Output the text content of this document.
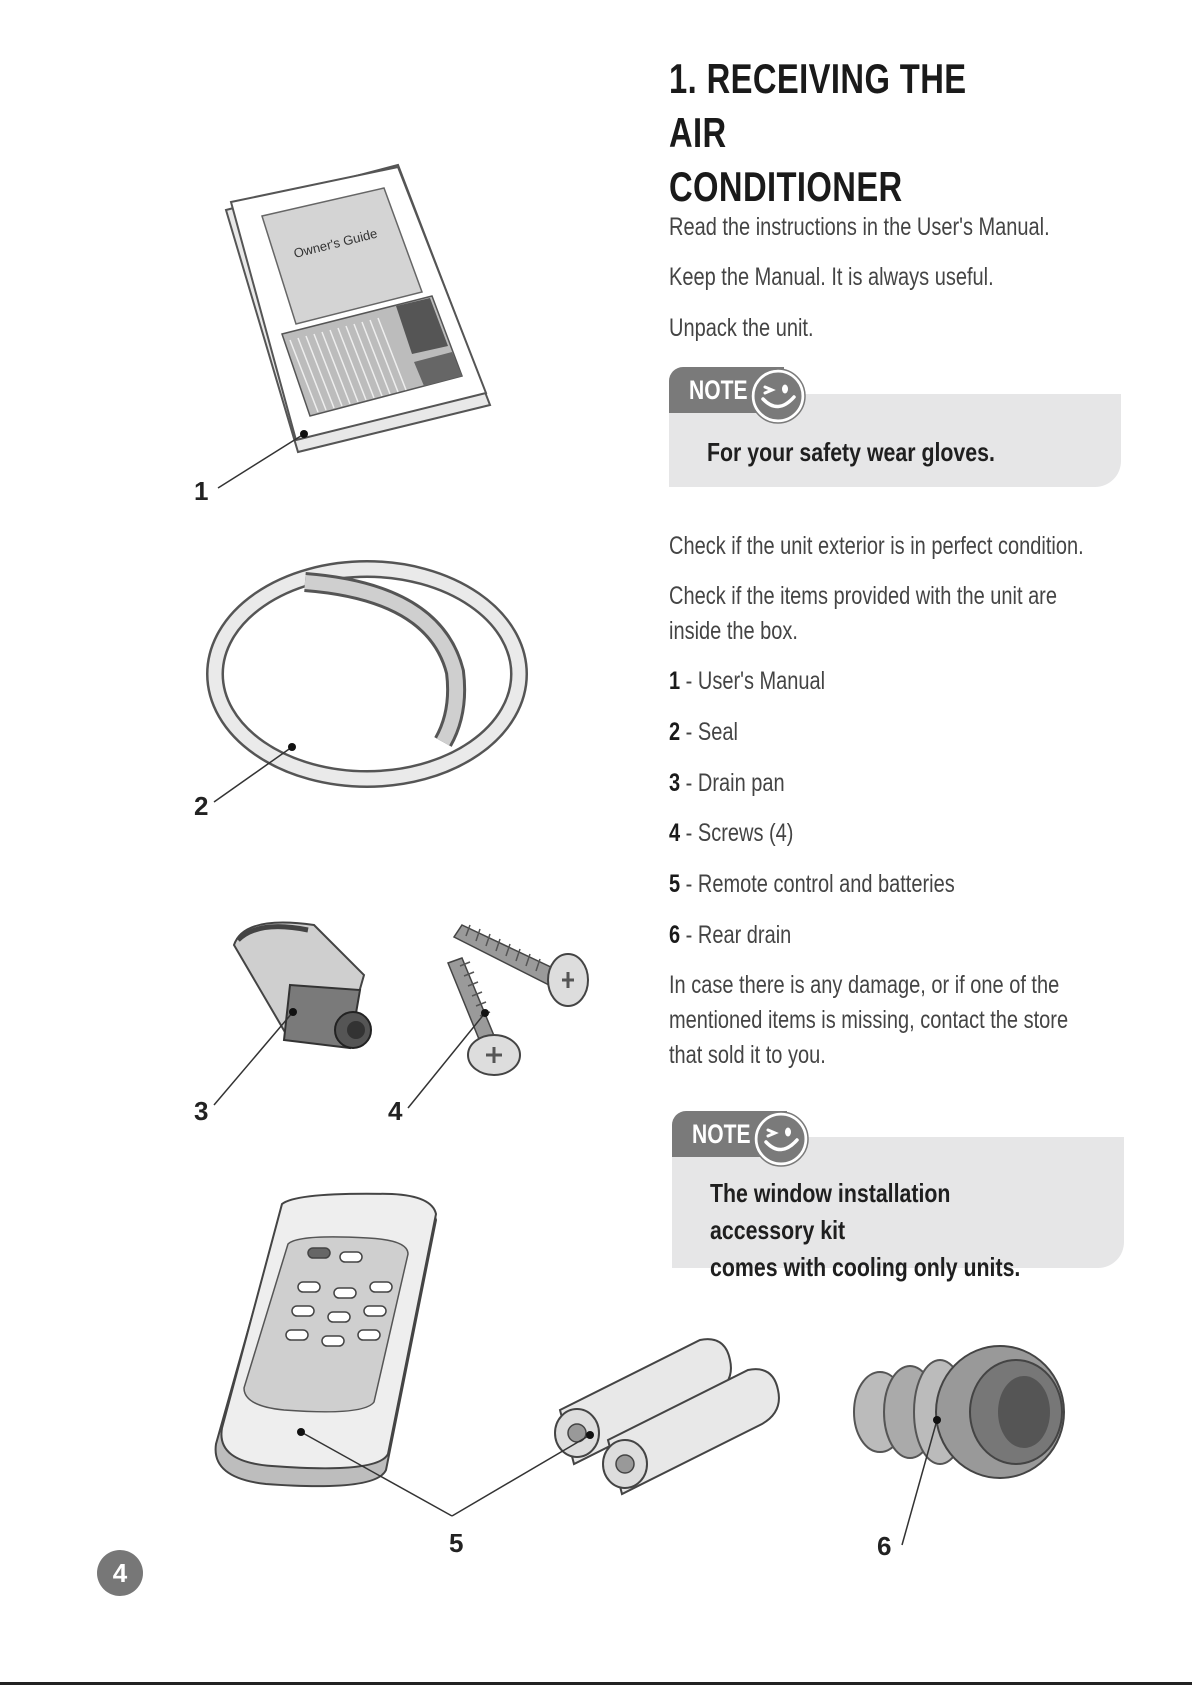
1. RECEIVING THE AIR
CONDITIONER

Read the instructions in the User's Manual.

Keep the Manual. It is always useful.

Unpack the unit.

For your safety wear gloves.
NOTE

Check if the unit exterior is in perfect condition.

Check if the items provided with the unit are inside the box.

1 - User's Manual

2 - Seal

3 - Drain pan

4 - Screws (4)

5 - Remote control and batteries

6 - Rear drain

In case there is any damage, or if one of the mentioned items is missing, contact the store that sold it to you.

The window installation accessory kit
comes with cooling only units.
NOTE
Owner's Guide
1
2
3	4
5	6
4
